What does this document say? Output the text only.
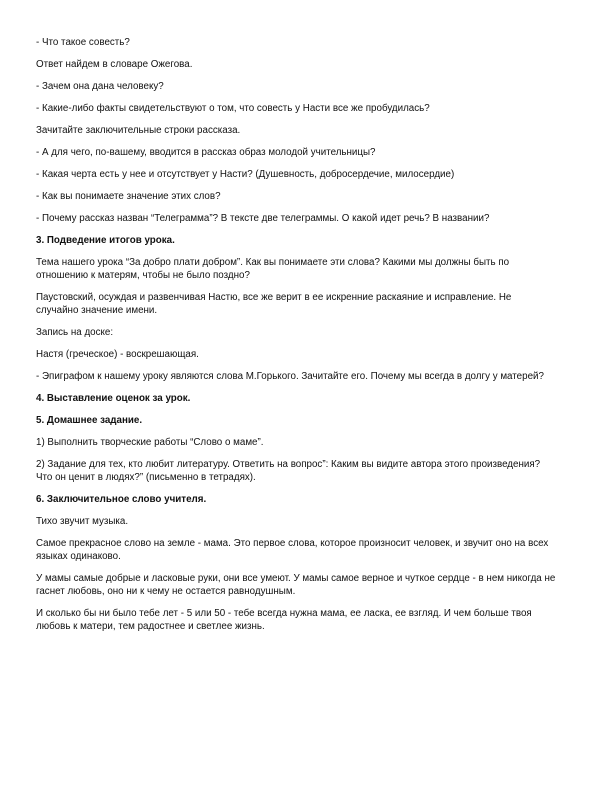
- Что такое совесть?

Ответ найдем в словаре Ожегова.

- Зачем она дана человеку?

- Какие-либо факты свидетельствуют о том, что совесть у Насти все же пробудилась?

Зачитайте заключительные строки рассказа.

- А для чего, по-вашему, вводится в рассказ образ молодой учительницы?

- Какая черта есть у нее и отсутствует у Насти? (Душевность, добросердечие, милосердие)

- Как вы понимаете значение этих слов?

- Почему рассказ назван “Телеграмма”? В тексте две телеграммы. О какой идет речь? В названии?

3. Подведение итогов урока.

Тема нашего урока “За добро плати добром”. Как вы понимаете эти слова? Какими мы должны быть по
отношению к матерям, чтобы не было поздно?

Паустовский, осуждая и развенчивая Настю, все же верит в ее искренние раскаяние и исправление. Не
случайно значение имени.

Запись на доске:

Настя (греческое) - воскрешающая.

- Эпиграфом к нашему уроку являются слова М.Горького. Зачитайте его. Почему мы всегда в долгу у матерей?

4. Выставление оценок за урок.

5. Домашнее задание.

1) Выполнить творческие работы “Слово о маме”.

2) Задание для тех, кто любит литературу. Ответить на вопрос”: Каким вы видите автора этого произведения?
Что он ценит в людях?” (письменно в тетрадях).

6. Заключительное слово учителя.

Тихо звучит музыка.

Самое прекрасное слово на земле - мама. Это первое слова, которое произносит человек, и звучит оно на всех
языках одинаково.

У мамы самые добрые и ласковые руки, они все умеют. У мамы самое верное и чуткое сердце - в нем никогда не
гаснет любовь, оно ни к чему не остается равнодушным.

И сколько бы ни было тебе лет - 5 или 50 - тебе всегда нужна мама, ее ласка, ее взгляд. И чем больше твоя
любовь к матери, тем радостнее и светлее жизнь.
